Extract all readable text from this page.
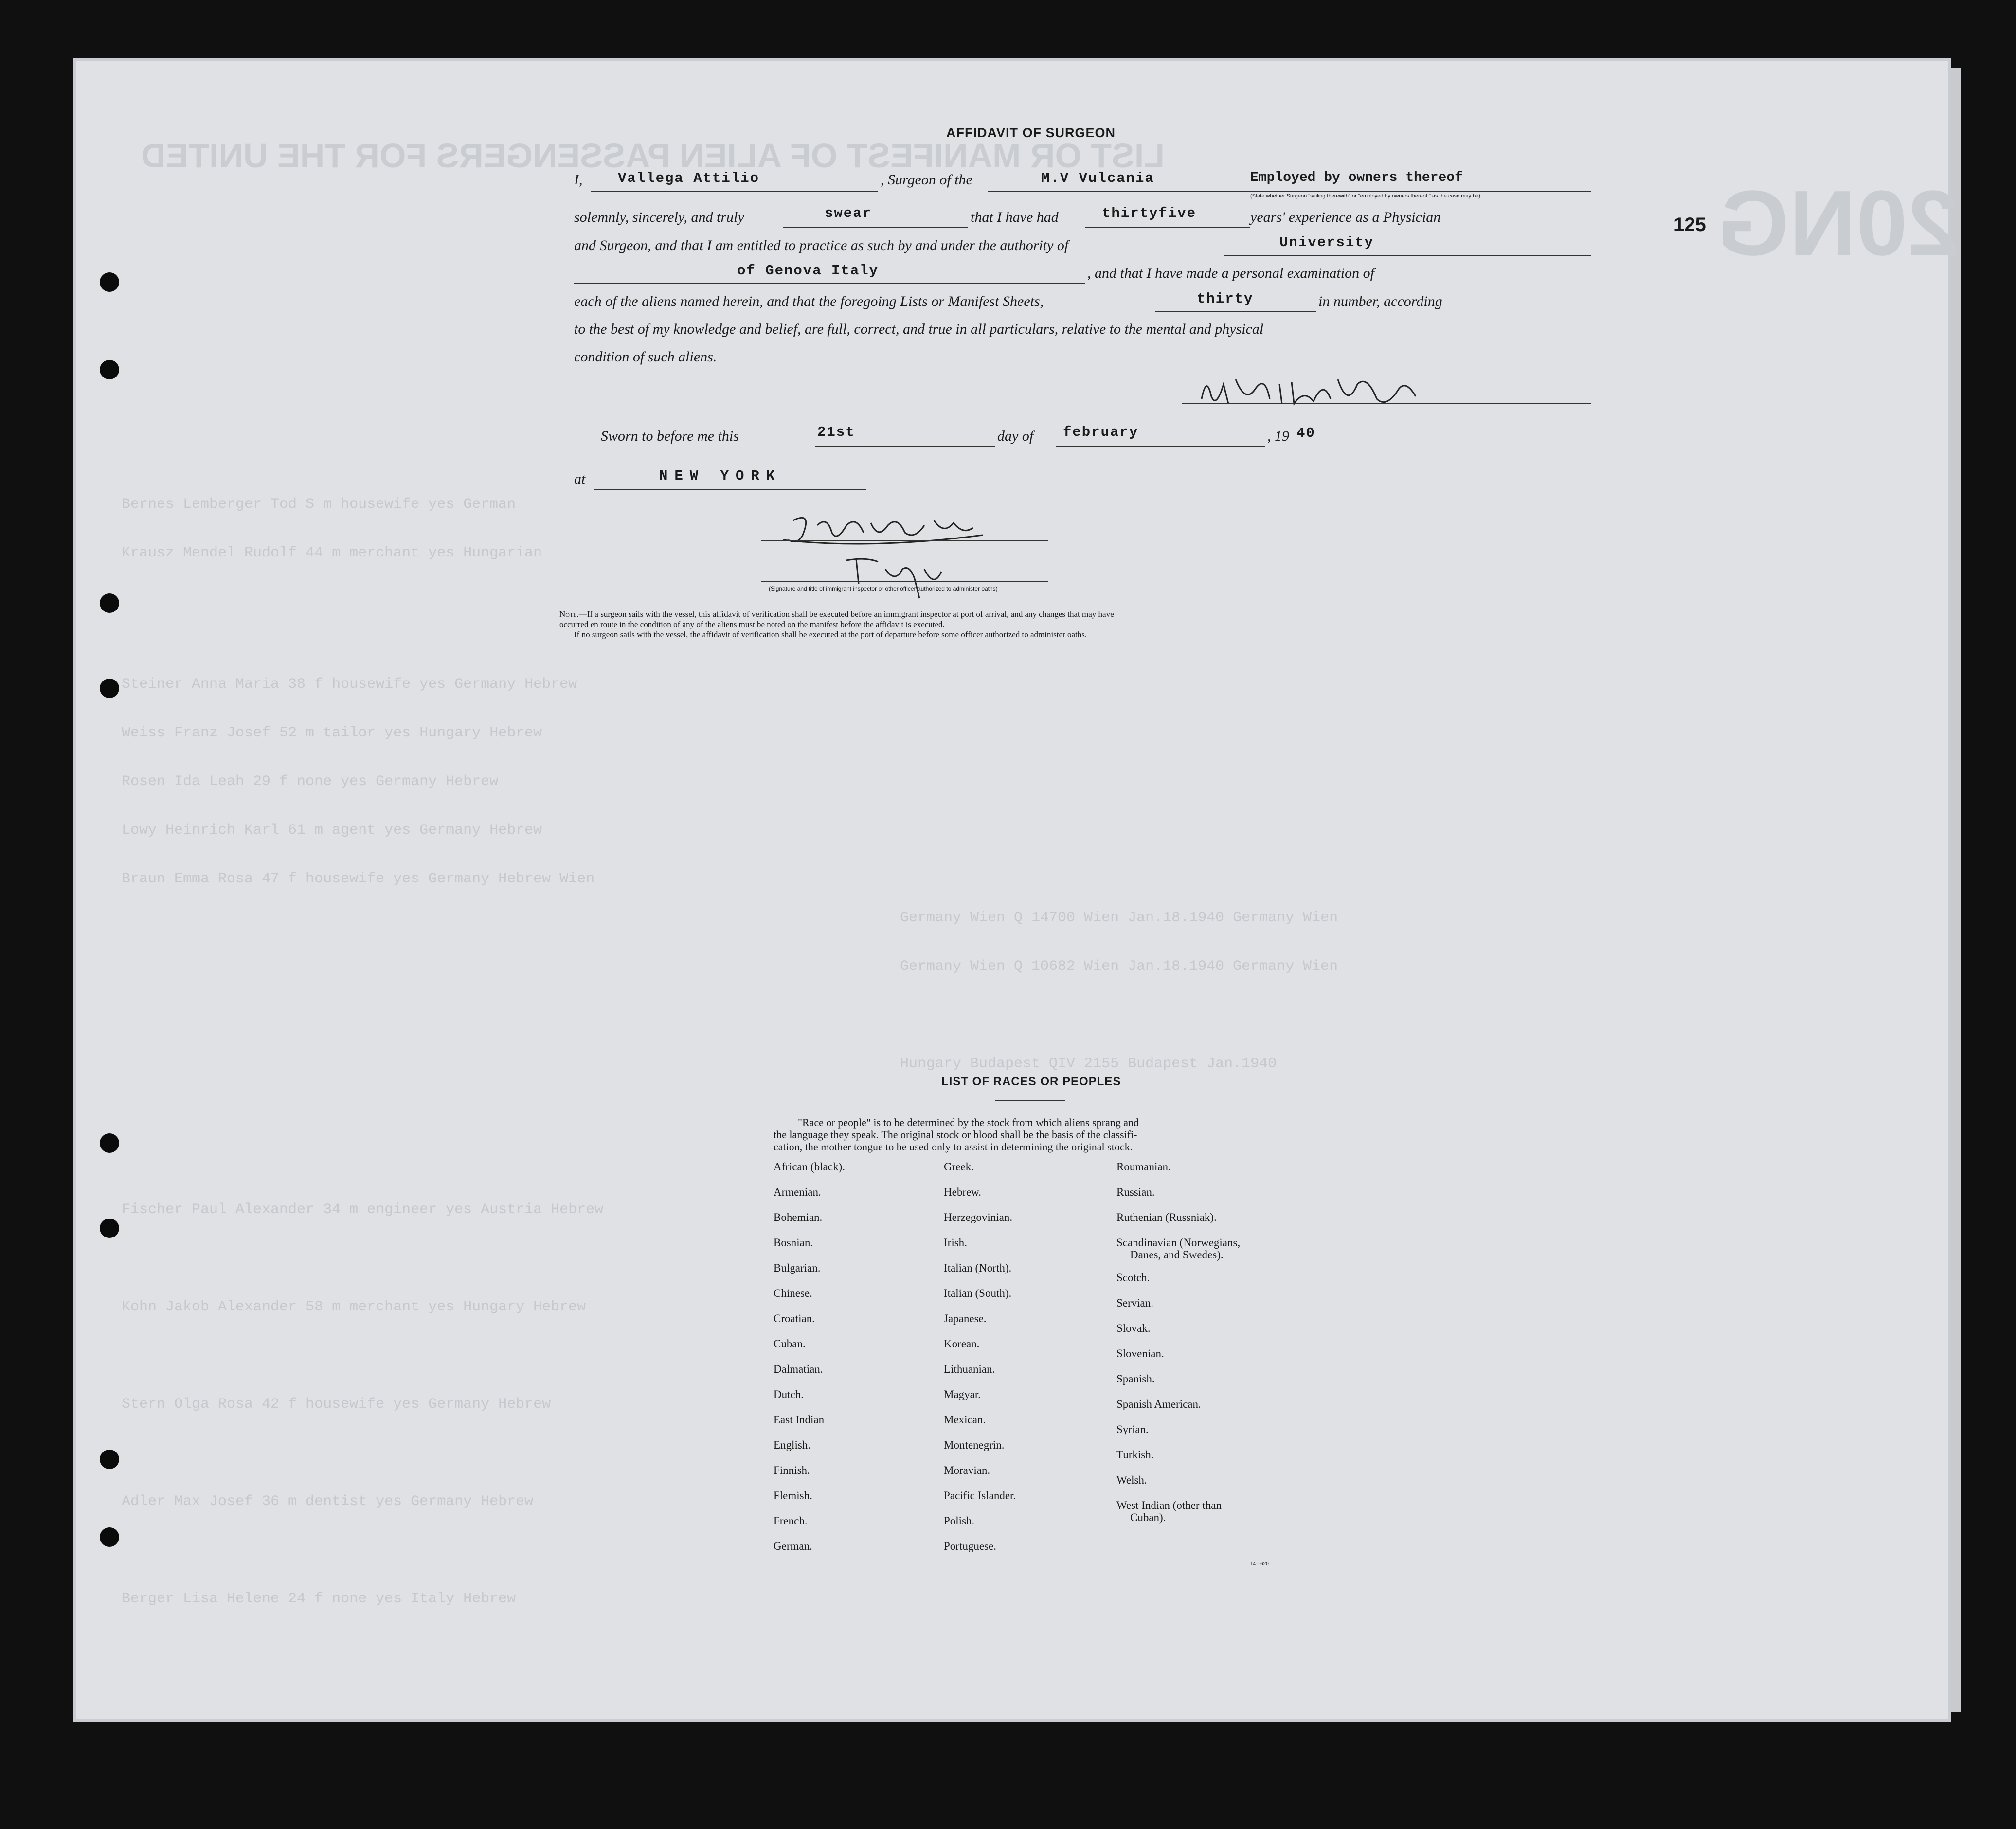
LIST OR MANIFEST OF ALIEN PASSENGERS FOR THE UNITED
20NG
Bernes Lemberger Tod S m housewife yes German
Krausz Mendel Rudolf 44 m merchant yes Hungarian
Steiner Anna Maria 38 f housewife yes Germany Hebrew
Weiss Franz Josef 52 m tailor yes Hungary Hebrew
Rosen Ida Leah 29 f none yes Germany Hebrew
Lowy Heinrich Karl 61 m agent yes Germany Hebrew
Braun Emma Rosa 47 f housewife yes Germany Hebrew Wien
Germany Wien Q 14700 Wien Jan.18.1940 Germany Wien
Germany Wien Q 10682 Wien Jan.18.1940 Germany Wien
Hungary Budapest QIV 2155 Budapest Jan.1940
Fischer Paul Alexander 34 m engineer yes Austria Hebrew
Kohn Jakob Alexander 58 m merchant yes Hungary Hebrew
Stern Olga Rosa 42 f housewife yes Germany Hebrew
Adler Max Josef 36 m dentist yes Germany Hebrew
Berger Lisa Helene 24 f none yes Italy Hebrew
125
AFFIDAVIT OF SURGEON
I,	Vallega Attilio	, Surgeon of the	M.V Vulcania	Employed by owners thereof
(State whether Surgeon "sailing therewith" or "employed by owners thereof," as the case may be)
solemnly, sincerely, and truly	swear	that I have had	thirtyfive	years' experience as a Physician
and Surgeon, and that I am entitled to practice as such by and under the authority of	University
of Genova Italy	, and that I have made a personal examination of
each of the aliens named herein, and that the foregoing Lists or Manifest Sheets,	thirty	in number, according
to the best of my knowledge and belief, are full, correct, and true in all particulars, relative to the mental and physical
condition of such aliens.
Sworn to before me this	21st	day of february	, 19 40
at	NEW YORK
(Signature and title of immigrant inspector or other officer authorized to administer oaths)
Note.—If a surgeon sails with the vessel, this affidavit of verification shall be executed before an immigrant inspector at port of arrival, and any changes that may have
occurred en route in the condition of any of the aliens must be noted on the manifest before the affidavit is executed.
If no surgeon sails with the vessel, the affidavit of verification shall be executed at the port of departure before some officer authorized to administer oaths.
LIST OF RACES OR PEOPLES
"Race or people" is to be determined by the stock from which aliens sprang and
the language they speak. The original stock or blood shall be the basis of the classifi-
cation, the mother tongue to be used only to assist in determining the original stock.
African (black).
Armenian.
Bohemian.
Bosnian.
Bulgarian.
Chinese.
Croatian.
Cuban.
Dalmatian.
Dutch.
East Indian
English.
Finnish.
Flemish.
French.
German.
Greek.
Hebrew.
Herzegovinian.
Irish.
Italian (North).
Italian (South).
Japanese.
Korean.
Lithuanian.
Magyar.
Mexican.
Montenegrin.
Moravian.
Pacific Islander.
Polish.
Portuguese.
Roumanian.
Russian.
Ruthenian (Russniak).
Scandinavian (Norwegians,
Danes, and Swedes).
Scotch.
Servian.
Slovak.
Slovenian.
Spanish.
Spanish American.
Syrian.
Turkish.
Welsh.
West Indian (other than
Cuban).
14—620
